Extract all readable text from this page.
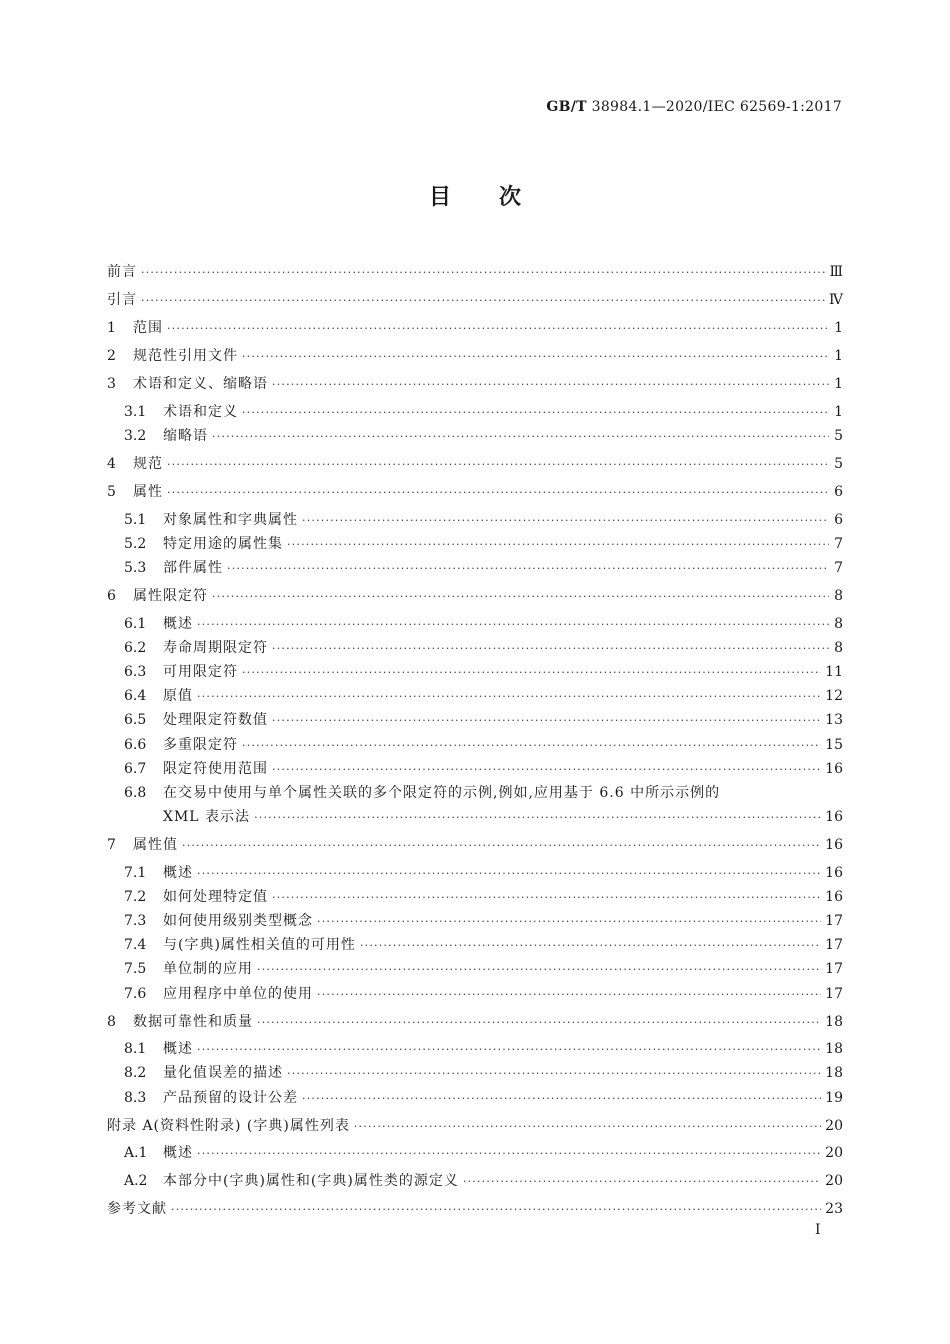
GB/T 38984.1—2020/IEC 62569-1:2017
目次
前言 ·····	Ⅲ
引言 ·····	Ⅳ
1	范围 ·····	1
2	规范性引用文件 ·····	1
3	术语和定义、缩略语 ·····	1
3.1	术语和定义 ·····	1
3.2	缩略语 ·····	5
4	规范 ·····	5
5	属性 ·····	6
5.1	对象属性和字典属性 ·····	6
5.2	特定用途的属性集 ·····	7
5.3	部件属性 ·····	7
6	属性限定符 ·····	8
6.1	概述 ·····	8
6.2	寿命周期限定符 ·····	8
6.3	可用限定符 ·····	11
6.4	原值 ·····	12
6.5	处理限定符数值 ·····	13
6.6	多重限定符 ·····	15
6.7	限定符使用范围 ·····	16
6.8	在交易中使用与单个属性关联的多个限定符的示例,例如,应用基于 6.6 中所示示例的
XML 表示法 ·····	16
7	属性值 ·····	16
7.1	概述 ·····	16
7.2	如何处理特定值 ·····	16
7.3	如何使用级别类型概念 ·····	17
7.4	与(字典)属性相关值的可用性 ·····	17
7.5	单位制的应用 ·····	17
7.6	应用程序中单位的使用 ·····	17
8	数据可靠性和质量 ·····	18
8.1	概述 ·····	18
8.2	量化值误差的描述 ·····	18
8.3	产品预留的设计公差 ·····	19
附录 A(资料性附录) (字典)属性列表 ·····	20
A.1	概述 ·····	20
A.2	本部分中(字典)属性和(字典)属性类的源定义 ·····	20
参考文献 ·····	23
I
